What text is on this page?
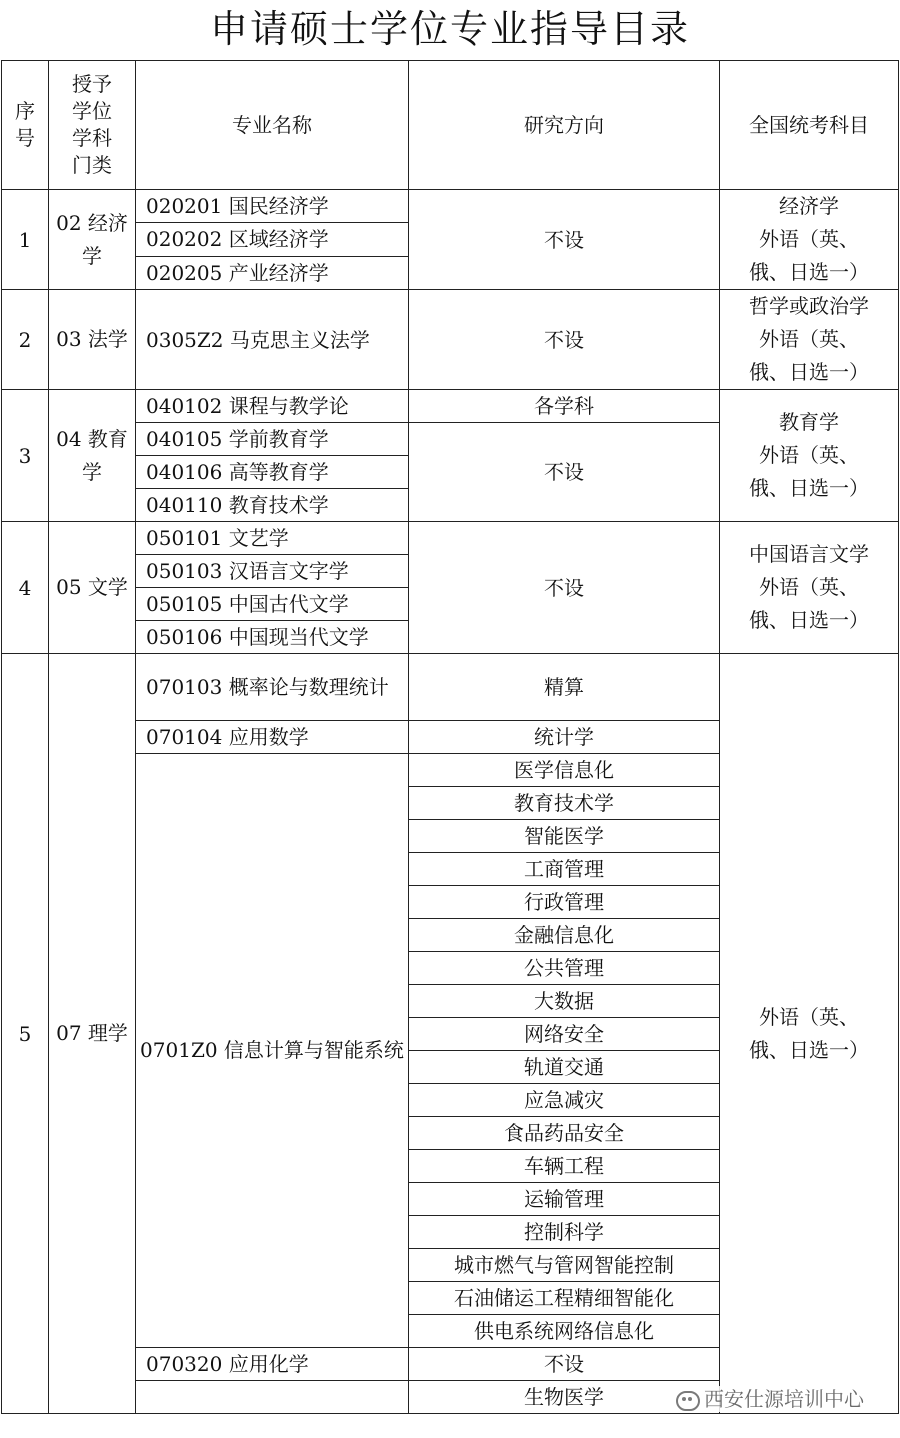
申请硕士学位专业指导目录
序号	授予学位学科门类	专业名称	研究方向	全国统考科目
1	02 经济学	020201 国民经济学	不设	经济学
外语（英、
俄、日选一）

		020202 区域经济学		
		020205 产业经济学		
2	03 法学	0305Z2 马克思主义法学	不设	哲学或政治学
外语（英、
俄、日选一）

3	04 教育学	040102 课程与教学论	各学科	教育学
外语（英、
俄、日选一）

		040105 学前教育学	不设	
		040106 高等教育学		
		040110 教育技术学		
4	05 文学	050101 文艺学	不设	中国语言文学
外语（英、
俄、日选一）

		050103 汉语言文字学		
		050105 中国古代文学		
		050106 中国现当代文学		
5	07 理学	070103 概率论与数理统计	精算	外语（英、
俄、日选一）

		070104 应用数学	统计学	
		0701Z0 信息计算与智能系统	医学信息化	
			教育技术学	
			智能医学	
			工商管理	
			行政管理	
			金融信息化	
			公共管理	
			大数据	
			网络安全	
			轨道交通	
			应急减灾	
			食品药品安全	
			车辆工程	
			运输管理	
			控制科学	
			城市燃气与管网智能控制	
			石油储运工程精细智能化	
			供电系统网络信息化	
		070320 应用化学	不设	
			生物医学		西安仕源培训中心
